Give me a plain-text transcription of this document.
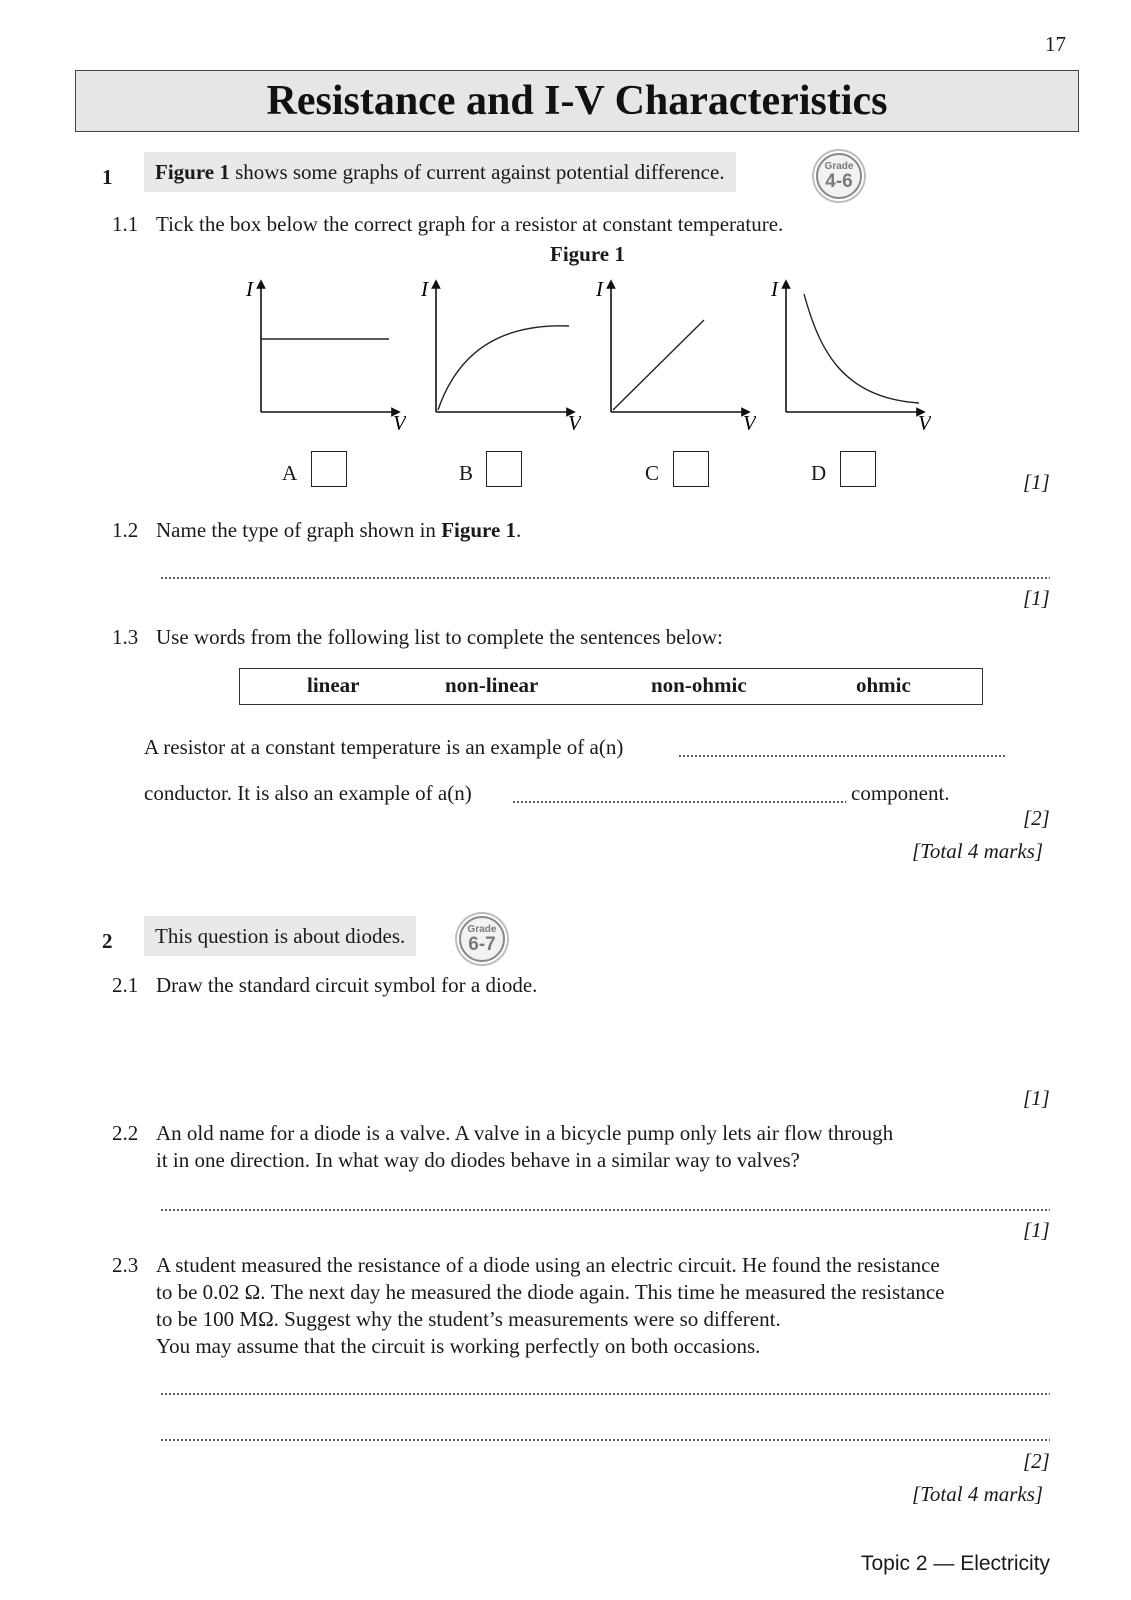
17
Resistance and I-V Characteristics
1	Figure 1 shows some graphs of current against potential difference.	Grade
4-6
1.1 Tick the box below the correct graph for a resistor at constant temperature.
Figure 1
I
V
I
V
I
V
I
V
A	B	C	D	[1]
1.2 Name the type of graph shown in Figure 1.
[1]
1.3 Use words from the following list to complete the sentences below:
linear	non-linear	non-ohmic	ohmic
A resistor at a constant temperature is an example of a(n)
conductor. It is also an example of a(n)	component.
[2]
[Total 4 marks]
2	This question is about diodes.	Grade
6-7
2.1 Draw the standard circuit symbol for a diode.
[1]
2.2 An old name for a diode is a valve. A valve in a bicycle pump only lets air flow through
it in one direction. In what way do diodes behave in a similar way to valves?
[1]
2.3 A student measured the resistance of a diode using an electric circuit. He found the resistance
to be 0.02 Ω. The next day he measured the diode again. This time he measured the resistance
to be 100 MΩ. Suggest why the student’s measurements were so different.
You may assume that the circuit is working perfectly on both occasions.
[2]
[Total 4 marks]
Topic 2 — Electricity
